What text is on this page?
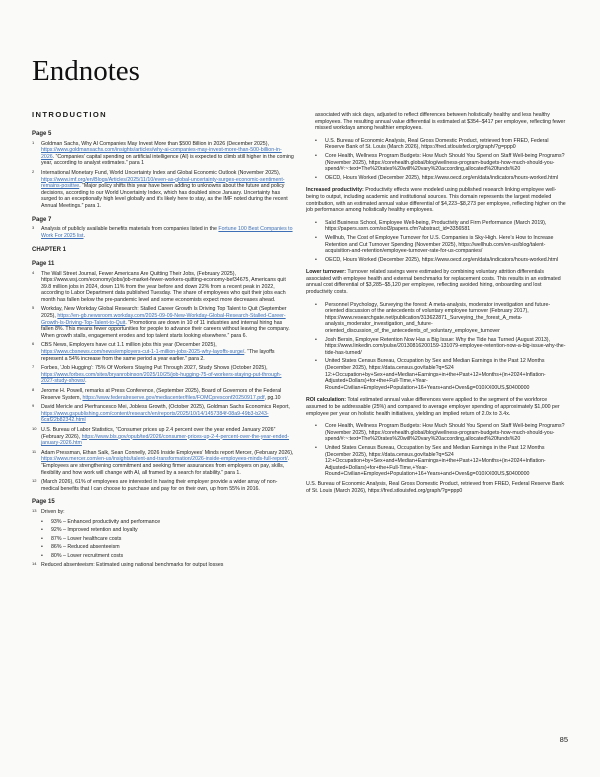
Endnotes
INTRODUCTION
Page 5
1 Goldman Sachs, Why AI Companies May Invest More than $500 Billion in 2026 (December 2025), https://www.goldmansachs.com/insights/articles/why-ai-companies-may-invest-more-than-500-billion-in-2026. “Companies’ capital spending on artificial intelligence (AI) is expected to climb still higher in the coming year, according to analyst estimates.” para 1
2 International Monetary Fund, World Uncertainty Index and Global Economic Outlook (November 2025), https://www.imf.org/en/Blogs/Articles/2025/11/10/even-as-global-uncertainty-surges-economic-sentiment-remains-positive. “Major policy shifts this year have been adding to unknowns about the future and policy decisions, according to our World Uncertainty Index, which has doubled since January. Uncertainty has surged to an exceptionally high level globally and it’s likely here to stay, as the IMF noted during the recent Annual Meetings.” para 1.
Page 7
3 Analysis of publicly available benefits materials from companies listed in the Fortune 100 Best Companies to Work For 2025 list.
CHAPTER 1
Page 11
4 The Wall Street Journal, Fewer Americans Are Quitting Their Jobs, (February 2025), https://www.wsj.com/economy/jobs/job-market-fewer-workers-quitting-economy-bef34675, Americans quit 39.8 million jobs in 2024, down 11% from the year before and down 22% from a recent peak in 2022, according to Labor Department data published Tuesday. The share of employees who quit their jobs each month has fallen below the pre-pandemic level and some economists expect more decreases ahead.
5 Workday, New Workday Global Research: Stalled Career Growth Is Driving Top Talent to Quit (September 2025), https://en-gb.newsroom.workday.com/2025-09-09-New-Workday-Global-Research-Stalled-Career-Growth-Is-Driving-Top-Talent-to-Quit. “Promotions are down in 10 of 11 industries and internal hiring has fallen 8%. This means fewer opportunities for people to advance their careers without leaving the company. When growth stalls, engagement erodes and top talent starts looking elsewhere.” para 6.
6 CBS News, Employers have cut 1.1 million jobs this year (December 2025), https://www.cbsnews.com/news/employers-cut-1-1-million-jobs-2025-why-layoffs-surge/. “The layoffs represent a 54% increase from the same period a year earlier.” para 2.
7 Forbes, ‘Job Hugging’: 75% Of Workers Staying Put Through 2027, Study Shows (October 2025), https://www.forbes.com/sites/bryanrobinson/2025/10/25/job-hugging-75-of-workers-staying-put-through-2027-study-shows/.
8 Jerome H. Powell, remarks at Press Conference, (September 2025), Board of Governors of the Federal Reserve System, https://www.federalreserve.gov/mediacenter/files/FOMCpresconf20250917.pdf, pg.10
9 David Mericle and Pierfrancesco Mei, Jobless Growth, (October 2025), Goldman Sachs Economics Report, https://www.gspublishing.com/content/research/en/reports/2025/10/14/1457384f-08a9-49b3-b243-6caf22b82342.html
10 U.S. Bureau of Labor Statistics, “Consumer prices up 2.4 percent over the year ended January 2026” (February 2026), https://www.bls.gov/opub/ted/2026/consumer-prices-up-2-4-percent-over-the-year-ended-january-2026.htm
11 Adam Pressman, Ethan Salk, Sean Connelly, 2026 Inside Employees’ Minds report Mercer, (February 2026), https://www.mercer.com/en-us/insights/talent-and-transformation/2026-inside-employees-minds-full-report/. “Employees are strengthening commitment and seeking firmer assurances from employers on pay, skills, flexibility and how work will change with AI, all framed by a search for stability.” para 1.
12 (March 2026), 61% of employees are interested in having their employer provide a wider array of non-medical benefits that I can choose to purchase and pay for on their own, up from 55% in 2016.
Page 15
13 Driven by:
• 93% – Enhanced productivity and performance
• 92% – Improved retention and loyalty
• 87% – Lower healthcare costs
• 86% – Reduced absenteeism
• 80% – Lower recruitment costs
14 Reduced absenteeism: Estimated using national benchmarks for output losses
associated with sick days, adjusted to reflect differences between holistically healthy and less healthy employees. The resulting annual value differential is estimated at $354–$417 per employee, reflecting fewer missed workdays among healthier employees.
• U.S. Bureau of Economic Analysis, Real Gross Domestic Product, retrieved from FRED, Federal Reserve Bank of St. Louis (March 2026), https://fred.stlouisfed.org/graph/?g=ppp0
• Core Health, Wellness Program Budgets: How Much Should You Spend on Staff Well-being Programs? (November 2025), https://corehealth.global/blog/wellness-program-budgets-how-much-should-you-spend/#:~:text=The%20rates%20will%20vary%20according,allocated%20funds%20
• OECD, Hours Worked (December 2025), https://www.oecd.org/en/data/indicators/hours-worked.html
Increased productivity: Productivity effects were modeled using published research linking employee well-being to output, including academic and institutional sources. This domain represents the largest modeled contribution, with an estimated annual value differential of $4,223–$8,273 per employee, reflecting higher on the job performance among holistically healthy employees.
• Saïd Business School, Employee Well-being, Productivity and Firm Performance (March 2019), https://papers.ssrn.com/sol3/papers.cfm?abstract_id=3356581
• Wellhub, The Cost of Employee Turnover for U.S. Companies is Sky-High. Here’s How to Increase Retention and Cut Turnover Spending (November 2025), https://wellhub.com/en-us/blog/talent-acquisition-and-retention/employee-turnover-rate-for-us-companies/
• OECD, Hours Worked (December 2025), https://www.oecd.org/en/data/indicators/hours-worked.html
Lower turnover: Turnover related savings were estimated by combining voluntary attrition differentials associated with employee health and external benchmarks for replacement costs. This results in an estimated annual cost differential of $3,285–$5,120 per employee, reflecting avoided hiring, onboarding and lost productivity costs.
• Personnel Psychology, Surveying the forest: A meta-analysis, moderator investigation and future-oriented discussion of the antecedents of voluntary employee turnover (February 2017), https://www.researchgate.net/publication/313622871_Surveying_the_forest_A_meta-analysis_moderator_investigation_and_future-oriented_discussion_of_the_antecedents_of_voluntary_employee_turnover
• Josh Bersin, Employee Retention Now Has a Big Issue: Why the Tide has Turned (August 2013), https://www.linkedin.com/pulse/20130816200159-131079-employee-retention-now-a-big-issue-why-the-tide-has-turned/
• United States Census Bureau, Occupation by Sex and Median Earnings in the Past 12 Months (December 2025), https://data.census.gov/table?q=S24 12:+Occupation+by+Sex+and+Median+Earnings+in+the+Past+12+Months+(in+2024+Inflation-Adjusted+Dollars)+for+the+Full-Time,+Year-Round+Civilian+Employed+Population+16+Years+and+Over&g=010XX00US,$0400000
ROI calculation: Total estimated annual value differences were applied to the segment of the workforce assumed to be addressable (25%) and compared to average employer spending of approximately $1,000 per employee per year on holistic health initiatives, yielding an implied return of 2.0x to 3.4x.
• Core Health, Wellness Program Budgets: How Much Should You Spend on Staff Well-being Programs? (November 2025), https://corehealth.global/blog/wellness-program-budgets-how-much-should-you-spend/#:~:text=The%20rates%20will%20vary%20according,allocated%20funds%20
• United States Census Bureau, Occupation by Sex and Median Earnings in the Past 12 Months (December 2025), https://data.census.gov/table?q=S24 12:+Occupation+by+Sex+and+Median+Earnings+in+the+Past+12+Months+(in+2024+Inflation-Adjusted+Dollars)+for+the+Full-Time,+Year-Round+Civilian+Employed+Population+16+Years+and+Over&g=010XX00US,$0400000
U.S. Bureau of Economic Analysis, Real Gross Domestic Product, retrieved from FRED, Federal Reserve Bank of St. Louis (March 2026), https://fred.stlouisfed.org/graph/?g=ppp0
85
